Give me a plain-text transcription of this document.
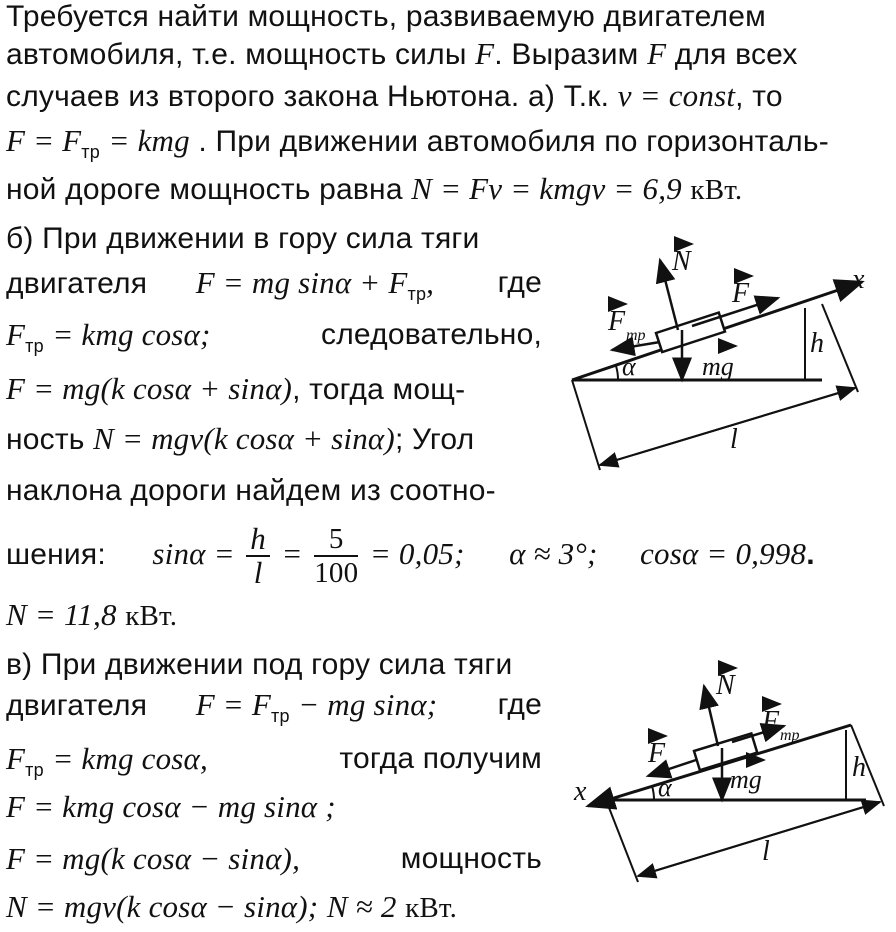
Требуется найти мощность, развиваемую двигателем
автомобиля, т.е. мощность силы F. Выразим F для всех
случаев из второго закона Ньютона. а) Т.к. v = const, то
$F = F_{тр}$ = kmg . При движении автомобиля по горизонталь-
ной дороге мощность равна N = Fv = kmgv = 6,9 кВт.
б) При движении в гору сила тяги
двигателя F = mg $\sin\alpha + F_{тр}$, где
$F_{тр}$ = kmg cosα;	следовательно,
F = mg(k cosα + sinα), тогда мощ-
ность N = mgv(k cosα + sinα); Угол
наклона дороги найдем из соотно-
шения: $\sin\alpha = \frac{h}{l} = \frac{5}{100} = 0,05$; α ≈ 3°; cosα = 0,998.
N = 11,8 кВт.
в) При движении под гору сила тяги
двигателя $F = F_{тр}$ − mg sinα; где
$F_{тр}$ = kmg cosα,	тогда получим
F = kmg cosα − mg sinα ;
F = mg(k cosα − sinα),	мощность
N = mgv(k cosα − sinα); N ≈ 2 кВт.
N
F
F тр
x
h
α	mg
l
N
F тр
F
x
h
α mg
l
